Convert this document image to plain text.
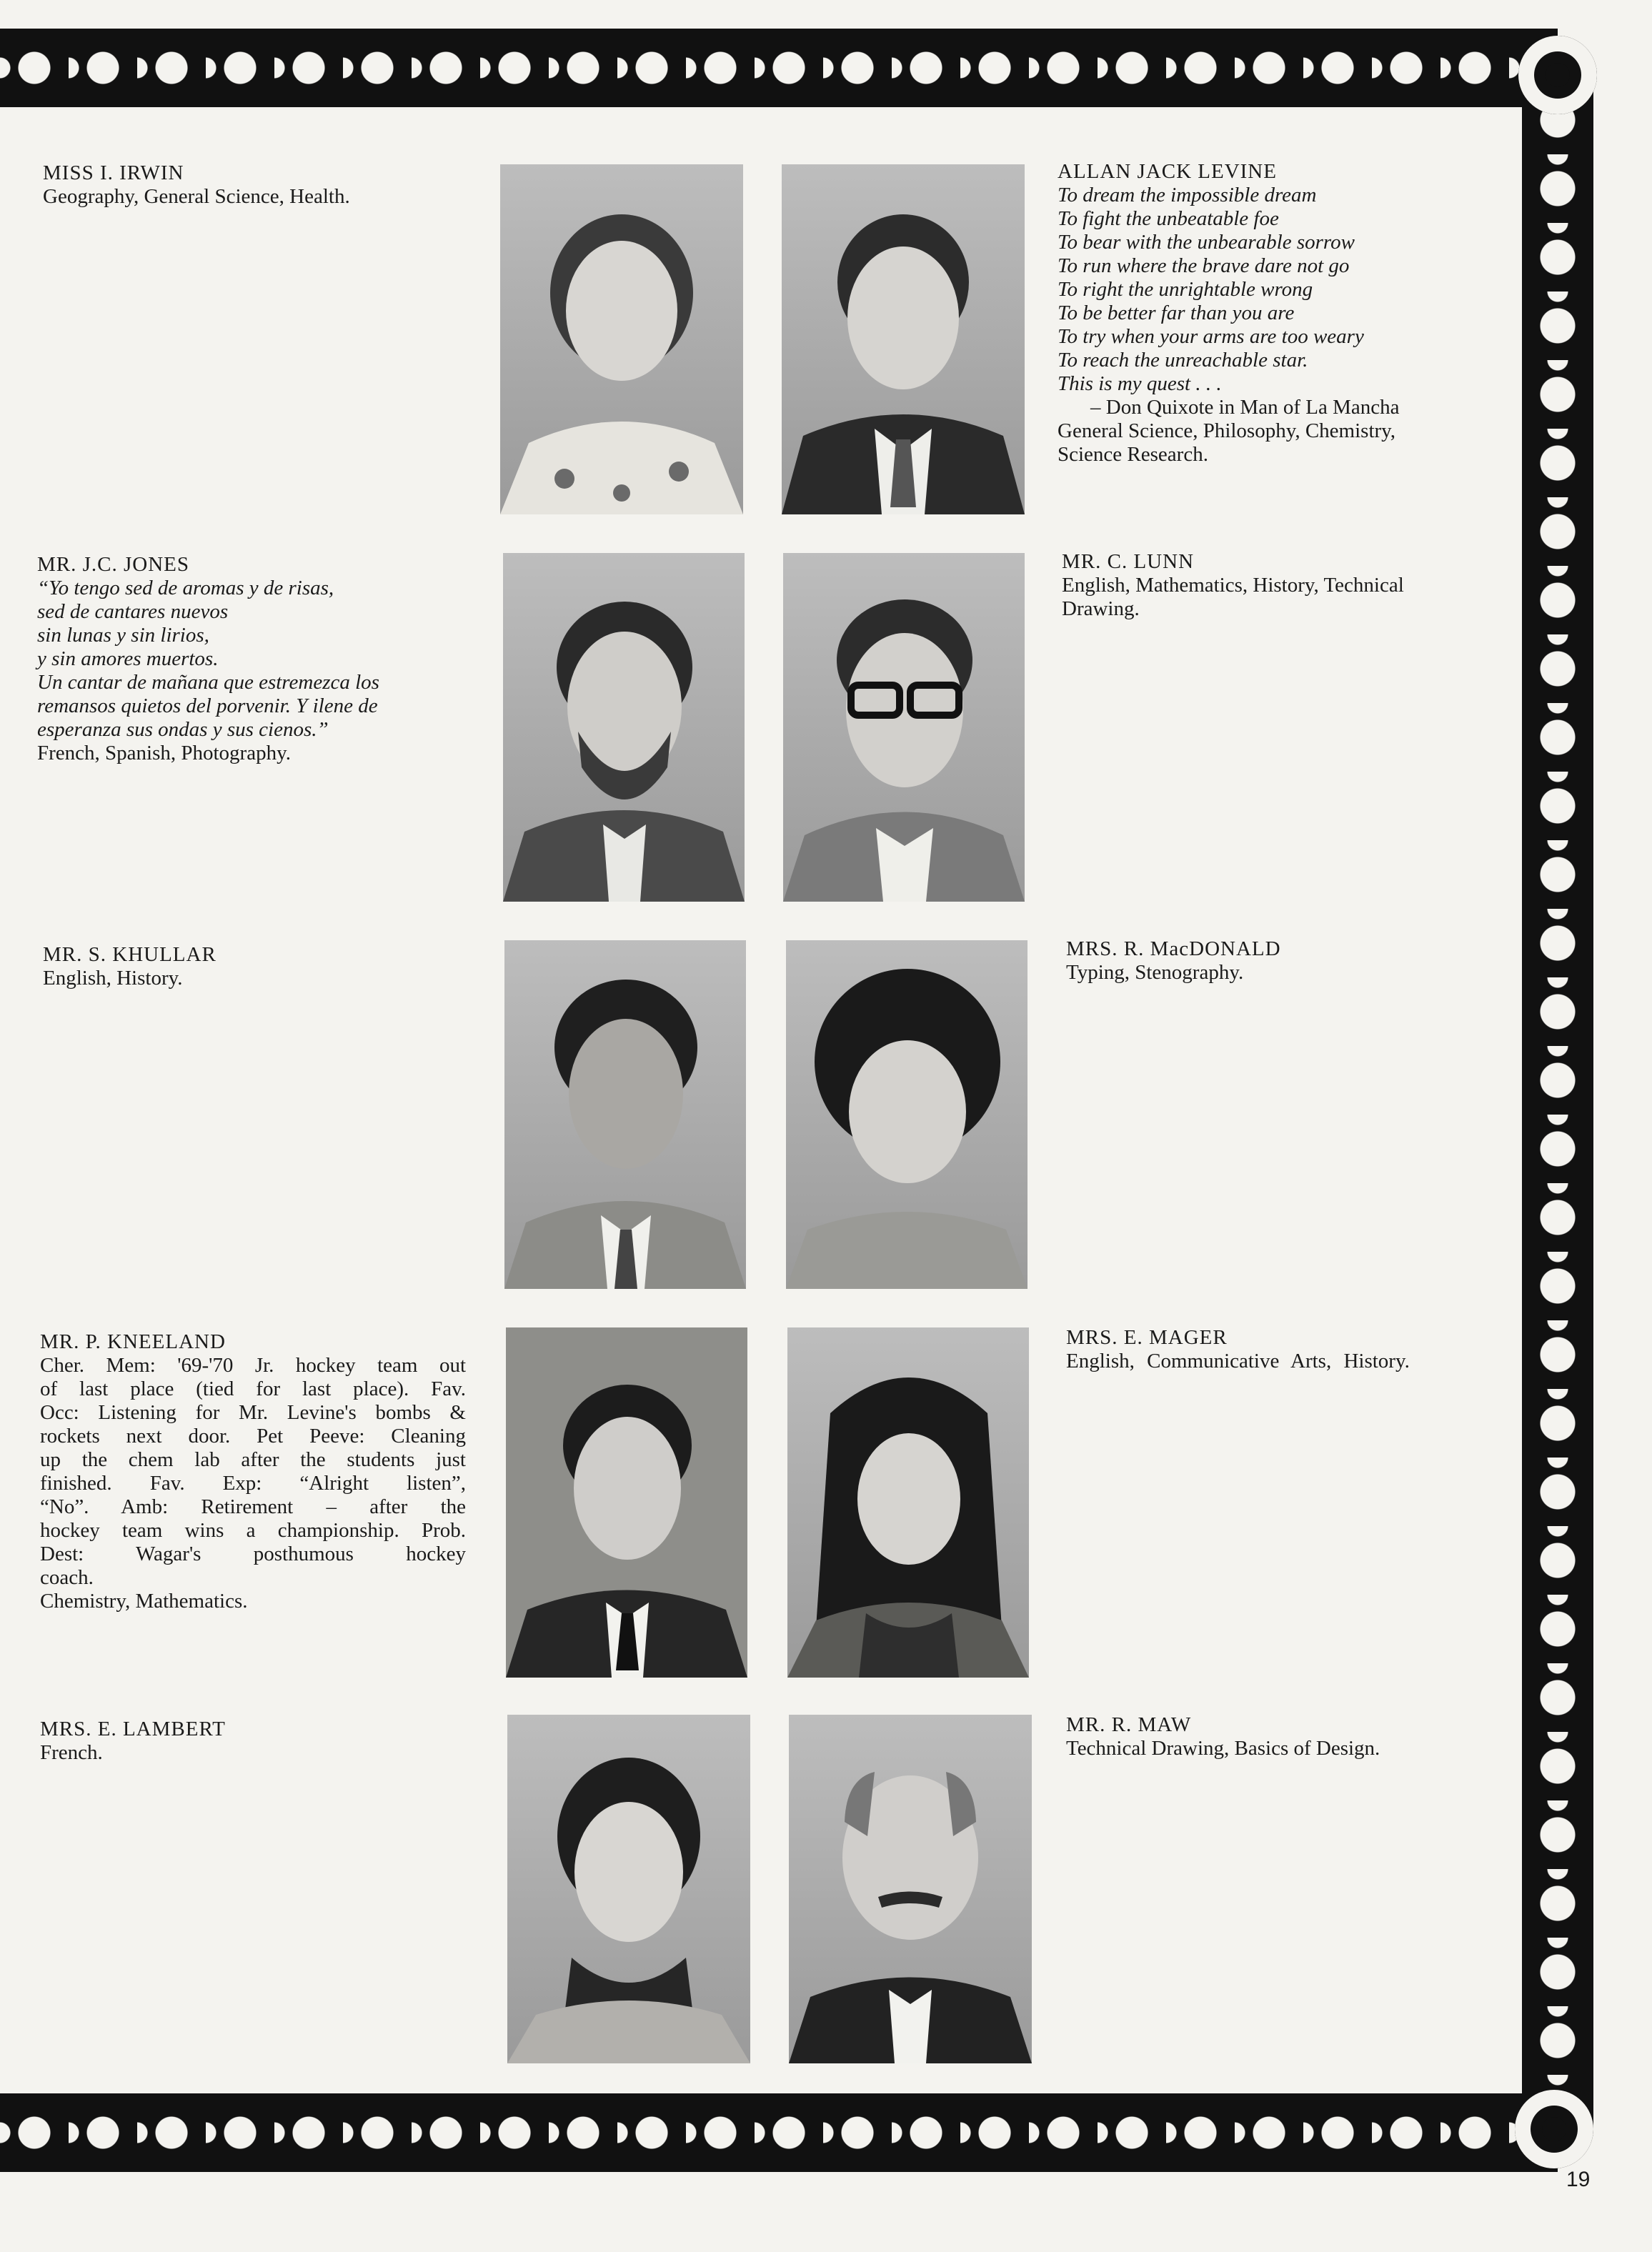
MISS I. IRWIN
Geography, General Science, Health.
ALLAN JACK LEVINE
To dream the impossible dream
To fight the unbeatable foe
To bear with the unbearable sorrow
To run where the brave dare not go
To right the unrightable wrong
To be better far than you are
To try when your arms are too weary
To reach the unreachable star.
This is my quest . . .
– Don Quixote in Man of La Mancha
General Science, Philosophy, Chemistry,
Science Research.
MR. J.C. JONES
“Yo tengo sed de aromas y de risas,
sed de cantares nuevos
sin lunas y sin lirios,
y sin amores muertos.
Un cantar de mañana que estremezca los
remansos quietos del porvenir. Y ilene de
esperanza sus ondas y sus cienos.”
French, Spanish, Photography.
MR. C. LUNN
English, Mathematics, History, Technical
Drawing.
MR. S. KHULLAR
English, History.
MRS. R. MacDONALD
Typing, Stenography.
MR. P. KNEELAND
Cher. Mem: '69-'70 Jr. hockey team out
of last place (tied for last place). Fav.
Occ: Listening for Mr. Levine's bombs &
rockets next door. Pet Peeve: Cleaning
up the chem lab after the students just
finished. Fav. Exp: “Alright listen”,
“No”. Amb: Retirement – after the
hockey team wins a championship. Prob.
Dest: Wagar's posthumous hockey
coach.
Chemistry, Mathematics.
MRS. E. MAGER
English, Communicative Arts, History.
MRS. E. LAMBERT
French.
MR. R. MAW
Technical Drawing, Basics of Design.
19
